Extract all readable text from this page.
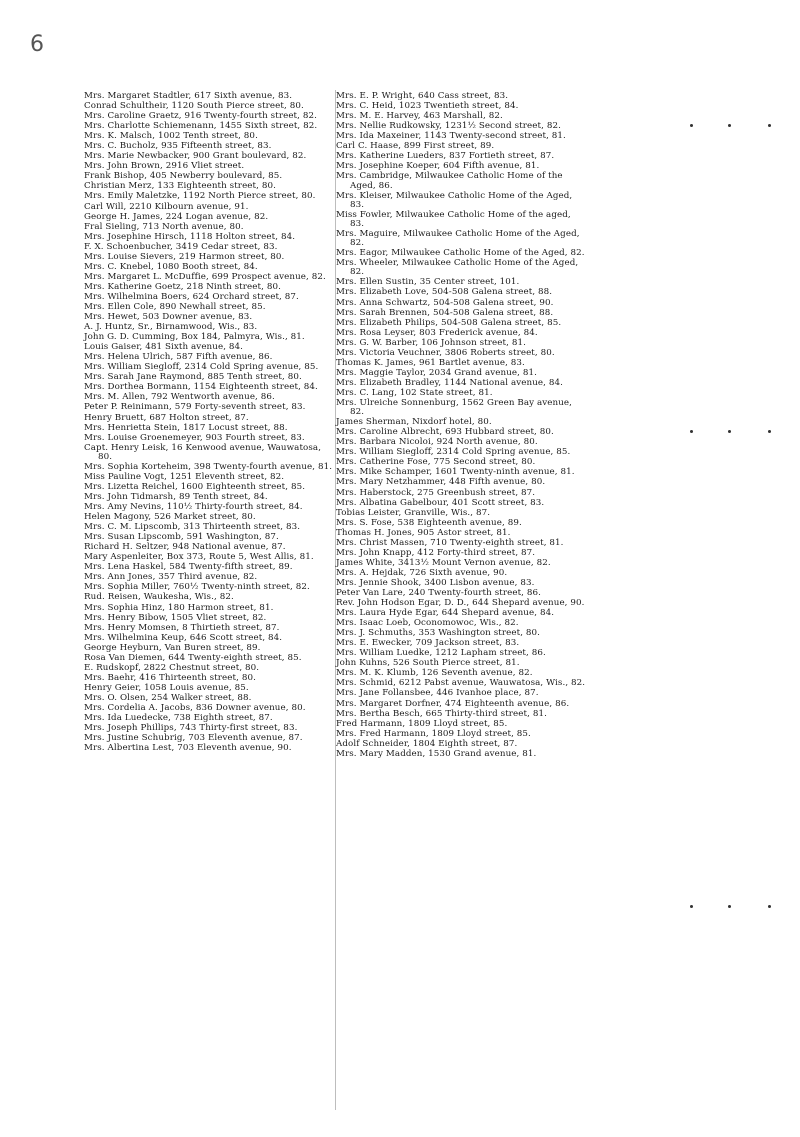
6

Mrs. Margaret Stadtler, 617 Sixth avenue, 83.

Conrad Schultheir, 1120 South Pierce street, 80.

Mrs. Caroline Graetz, 916 Twenty-fourth street, 82.

Mrs. Charlotte Schiemenann, 1455 Sixth street, 82.

Mrs. K. Malsch, 1002 Tenth street, 80.

Mrs. C. Bucholz, 935 Fifteenth street, 83.

Mrs. Marie Newbacker, 900 Grant boulevard, 82.

Mrs. John Brown, 2916 Vliet street.

Frank Bishop, 405 Newberry boulevard, 85.

Christian Merz, 133 Eighteenth street, 80.

Mrs. Emily Maletzke, 1192 North Pierce street, 80.

Carl Will, 2210 Kilbourn avenue, 91.

George H. James, 224 Logan avenue, 82.

Fral Sieling, 713 North avenue, 80.

Mrs. Josephine Hirsch, 1118 Holton street, 84.

F. X. Schoenbucher, 3419 Cedar street, 83.

Mrs. Louise Sievers, 219 Harmon street, 80.

Mrs. C. Knebel, 1080 Booth street, 84.

Mrs. Margaret L. McDuffie, 699 Prospect avenue, 82.

Mrs. Katherine Goetz, 218 Ninth street, 80.

Mrs. Wilhelmina Boers, 624 Orchard street, 87.

Mrs. Ellen Cole, 890 Newhall street, 85.

Mrs. Hewet, 503 Downer avenue, 83.

A. J. Huntz, Sr., Birnamwood, Wis., 83.

John G. D. Cumming, Box 184, Palmyra, Wis., 81.

Louis Gaiser, 481 Sixth avenue, 84.

Mrs. Helena Ulrich, 587 Fifth avenue, 86.

Mrs. William Siegloff, 2314 Cold Spring avenue, 85.

Mrs. Sarah Jane Raymond, 885 Tenth street, 80.

Mrs. Dorthea Bormann, 1154 Eighteenth street, 84.

Mrs. M. Allen, 792 Wentworth avenue, 86.

Peter P. Reinimann, 579 Forty-seventh street, 83.

Henry Bruett, 687 Holton street, 87.

Mrs. Henrietta Stein, 1817 Locust street, 88.

Mrs. Louise Groenemeyer, 903 Fourth street, 83.

Capt. Henry Leisk, 16 Kenwood avenue, Wauwatosa, 80.

Mrs. Sophia Korteheim, 398 Twenty-fourth avenue, 81.

Miss Pauline Vogt, 1251 Eleventh street, 82.

Mrs. Lizetta Reichel, 1600 Eighteenth street, 85.

Mrs. John Tidmarsh, 89 Tenth street, 84.

Mrs. Amy Nevins, 110½ Thirty-fourth street, 84.

Helen Magony, 526 Market street, 80.

Mrs. C. M. Lipscomb, 313 Thirteenth street, 83.

Mrs. Susan Lipscomb, 591 Washington, 87.

Richard H. Seltzer, 948 National avenue, 87.

Mary Aspenleiter, Box 373, Route 5, West Allis, 81.

Mrs. Lena Haskel, 584 Twenty-fifth street, 89.

Mrs. Ann Jones, 357 Third avenue, 82.

Mrs. Sophia Miller, 760½ Twenty-ninth street, 82.

Rud. Reisen, Waukesha, Wis., 82.

Mrs. Sophia Hinz, 180 Harmon street, 81.

Mrs. Henry Bibow, 1505 Vliet street, 82.

Mrs. Henry Momsen, 8 Thirtieth street, 87.

Mrs. Wilhelmina Keup, 646 Scott street, 84.

George Heyburn, Van Buren street, 89.

Rosa Van Diemen, 644 Twenty-eighth street, 85.

E. Rudskopf, 2822 Chestnut street, 80.

Mrs. Baehr, 416 Thirteenth street, 80.

Henry Geier, 1058 Louis avenue, 85.

Mrs. O. Olsen, 254 Walker street, 88.

Mrs. Cordelia A. Jacobs, 836 Downer avenue, 80.

Mrs. Ida Luedecke, 738 Eighth street, 87.

Mrs. Joseph Phillips, 743 Thirty-first street, 83.

Mrs. Justine Schubrig, 703 Eleventh avenue, 87.

Mrs. Albertina Lest, 703 Eleventh avenue, 90.

Mrs. E. P. Wright, 640 Cass street, 83.

Mrs. C. Heid, 1023 Twentieth street, 84.

Mrs. M. E. Harvey, 463 Marshall, 82.

Mrs. Nellie Rudkowsky, 1231½ Second street, 82.

Mrs. Ida Maxeiner, 1143 Twenty-second street, 81.

Carl C. Haase, 899 First street, 89.

Mrs. Katherine Lueders, 837 Fortieth street, 87.

Mrs. Josephine Koeper, 604 Fifth avenue, 81.

Mrs. Cambridge, Milwaukee Catholic Home of the Aged, 86.

Mrs. Kleiser, Milwaukee Catholic Home of the Aged, 83.

Miss Fowler, Milwaukee Catholic Home of the aged, 83.

Mrs. Maguire, Milwaukee Catholic Home of the Aged, 82.

Mrs. Eagor, Milwaukee Catholic Home of the Aged, 82.

Mrs. Wheeler, Milwaukee Catholic Home of the Aged, 82.

Mrs. Ellen Sustin, 35 Center street, 101.

Mrs. Elizabeth Love, 504-508 Galena street, 88.

Mrs. Anna Schwartz, 504-508 Galena street, 90.

Mrs. Sarah Brennen, 504-508 Galena street, 88.

Mrs. Elizabeth Philips, 504-508 Galena street, 85.

Mrs. Rosa Leyser, 803 Frederick avenue, 84.

Mrs. G. W. Barber, 106 Johnson street, 81.

Mrs. Victoria Veuchner, 3806 Roberts street, 80.

Thomas K. James, 961 Bartlet avenue, 83.

Mrs. Maggie Taylor, 2034 Grand avenue, 81.

Mrs. Elizabeth Bradley, 1144 National avenue, 84.

Mrs. C. Lang, 102 State street, 81.

Mrs. Ulreiche Sonnenburg, 1562 Green Bay avenue, 82.

James Sherman, Nixdorf hotel, 80.

Mrs. Caroline Albrecht, 693 Hubbard street, 80.

Mrs. Barbara Nicoloi, 924 North avenue, 80.

Mrs. William Siegloff, 2314 Cold Spring avenue, 85.

Mrs. Catherine Fose, 775 Second street, 80.

Mrs. Mike Schamper, 1601 Twenty-ninth avenue, 81.

Mrs. Mary Netzhammer, 448 Fifth avenue, 80.

Mrs. Haberstock, 275 Greenbush street, 87.

Mrs. Albatina Gabelbour, 401 Scott street, 83.

Tobias Leister, Granville, Wis., 87.

Mrs. S. Fose, 538 Eighteenth avenue, 89.

Thomas H. Jones, 905 Astor street, 81.

Mrs. Christ Massen, 710 Twenty-eighth street, 81.

Mrs. John Knapp, 412 Forty-third street, 87.

James White, 3413½ Mount Vernon avenue, 82.

Mrs. A. Hejdak, 726 Sixth avenue, 90.

Mrs. Jennie Shook, 3400 Lisbon avenue, 83.

Peter Van Lare, 240 Twenty-fourth street, 86.

Rev. John Hodson Egar, D. D., 644 Shepard avenue, 90.

Mrs. Laura Hyde Egar, 644 Shepard avenue, 84.

Mrs. Isaac Loeb, Oconomowoc, Wis., 82.

Mrs. J. Schmuths, 353 Washington street, 80.

Mrs. E. Ewecker, 709 Jackson street, 83.

Mrs. William Luedke, 1212 Lapham street, 86.

John Kuhns, 526 South Pierce street, 81.

Mrs. M. K. Klumb, 126 Seventh avenue, 82.

Mrs. Schmid, 6212 Pabst avenue, Wauwatosa, Wis., 82.

Mrs. Jane Follansbee, 446 Ivanhoe place, 87.

Mrs. Margaret Dorfner, 474 Eighteenth avenue, 86.

Mrs. Bertha Besch, 665 Thirty-third street, 81.

Fred Harmann, 1809 Lloyd street, 85.

Mrs. Fred Harmann, 1809 Lloyd street, 85.

Adolf Schneider, 1804 Eighth street, 87.

Mrs. Mary Madden, 1530 Grand avenue, 81.
